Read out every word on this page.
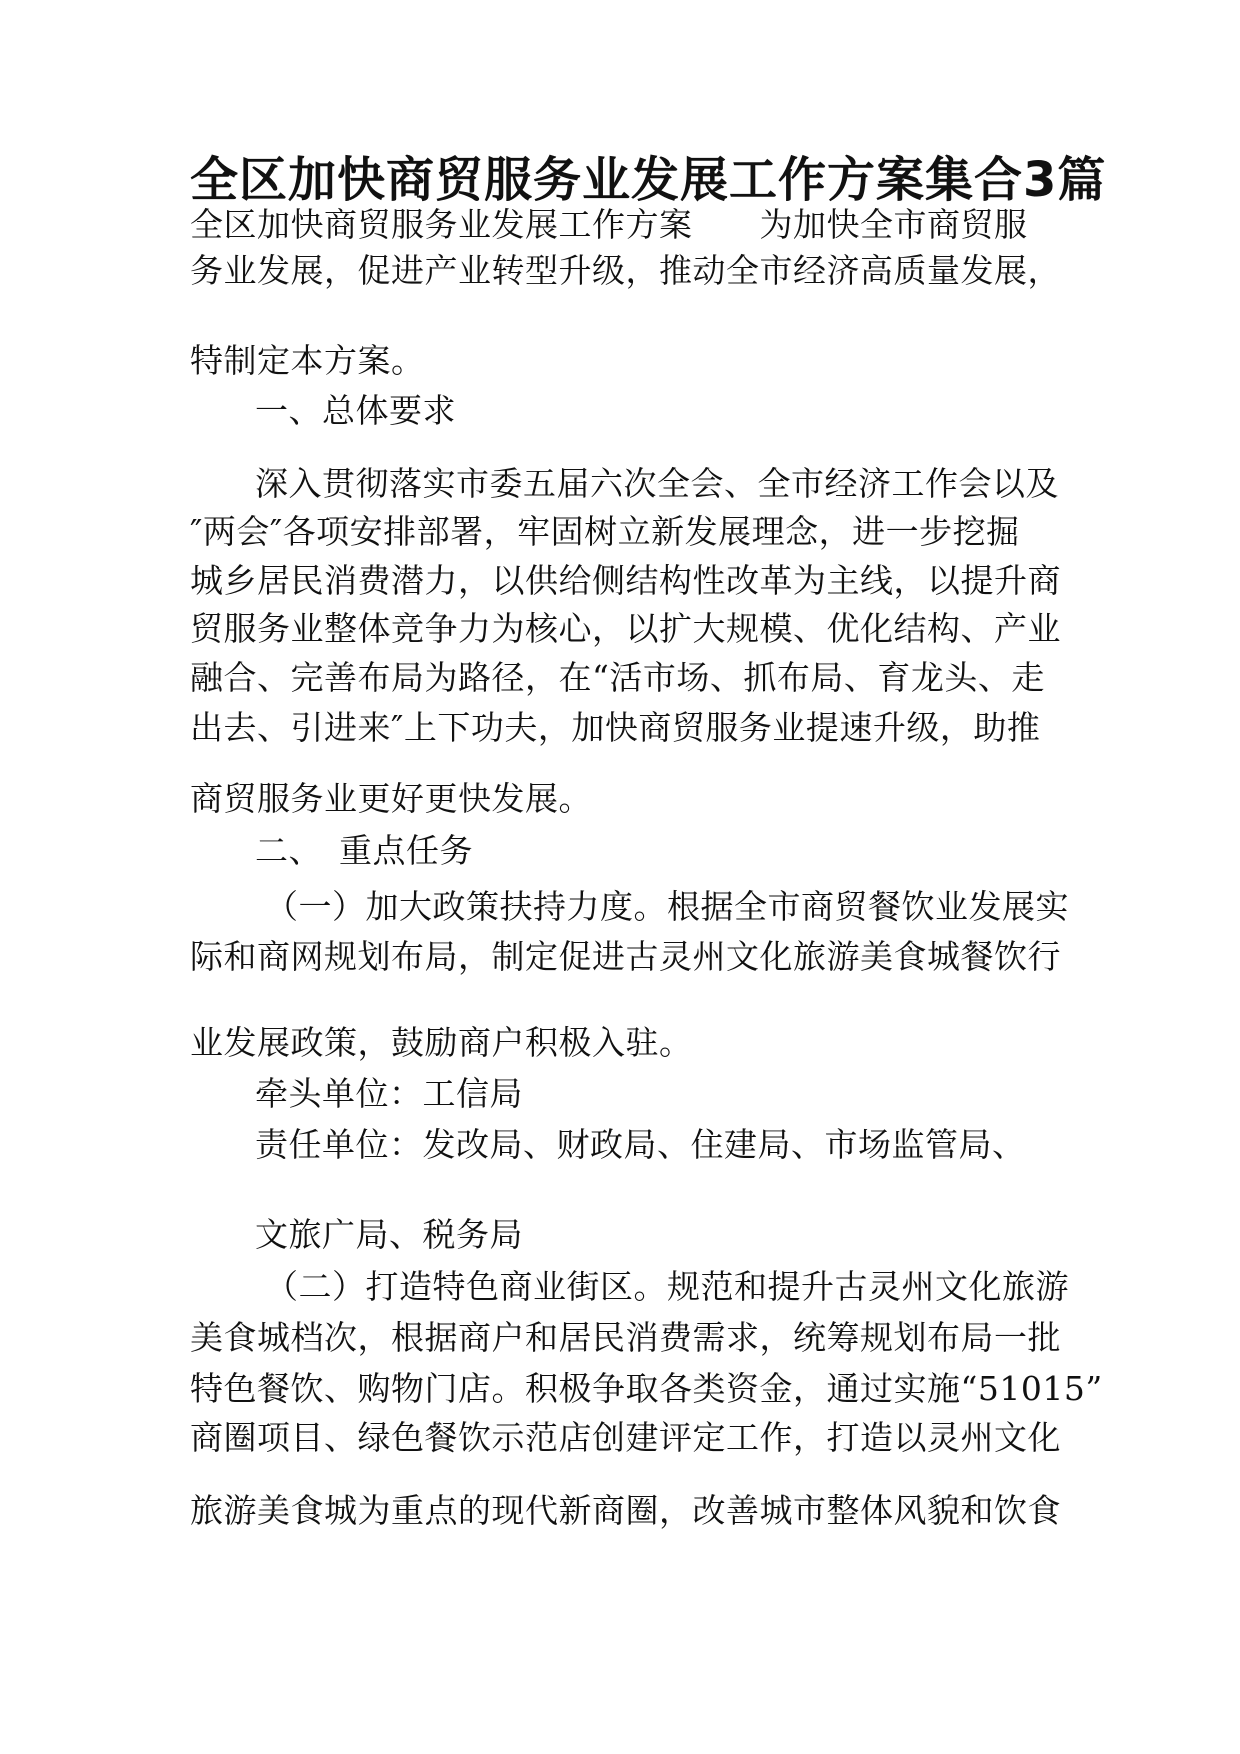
全区加快商贸服务业发展工作方案集合3篇
全区加快商贸服务业发展工作方案　　为加快全市商贸服
务业发展，促进产业转型升级，推动全市经济高质量发展，
特制定本方案。
一、总体要求
深入贯彻落实市委五届六次全会、全市经济工作会以及
″两会″各项安排部署，牢固树立新发展理念，进一步挖掘
城乡居民消费潜力，以供给侧结构性改革为主线，以提升商
贸服务业整体竞争力为核心，以扩大规模、优化结构、产业
融合、完善布局为路径，在“活市场、抓布局、育龙头、走
出去、引进来″上下功夫，加快商贸服务业提速升级，助推
商贸服务业更好更快发展。
二、　重点任务
（一）加大政策扶持力度。根据全市商贸餐饮业发展实
际和商网规划布局，制定促进古灵州文化旅游美食城餐饮行
业发展政策，鼓励商户积极入驻。
牵头单位：工信局
责任单位：发改局、财政局、住建局、市场监管局、
文旅广局、税务局
（二）打造特色商业街区。规范和提升古灵州文化旅游
美食城档次，根据商户和居民消费需求，统筹规划布局一批
特色餐饮、购物门店。积极争取各类资金，通过实施“51015”
商圈项目、绿色餐饮示范店创建评定工作，打造以灵州文化
旅游美食城为重点的现代新商圈，改善城市整体风貌和饮食
